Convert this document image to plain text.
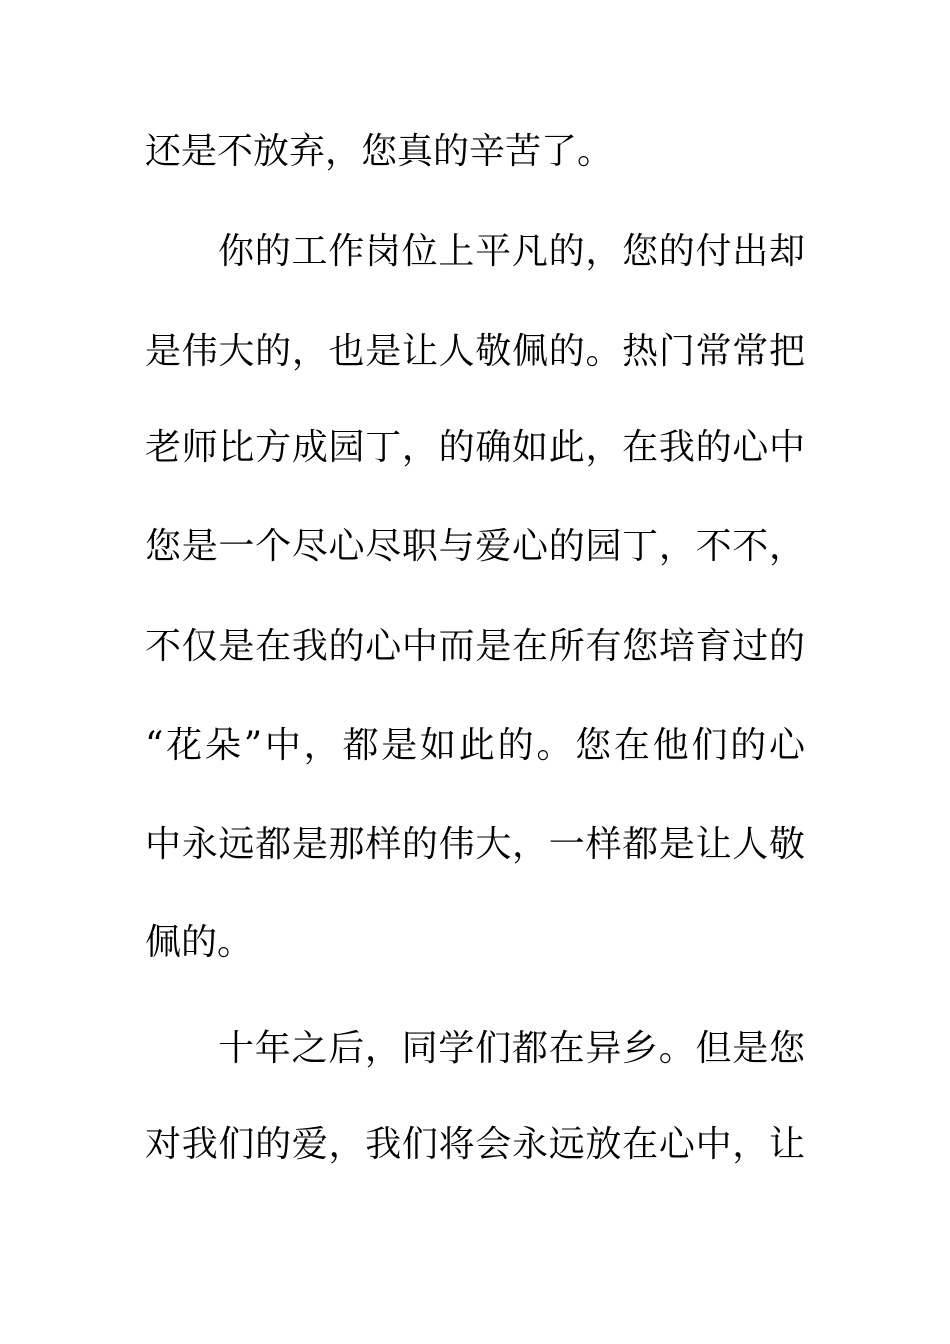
还是不放弃，您真的辛苦了。
你的工作岗位上平凡的，您的付出却
是伟大的，也是让人敬佩的。热门常常把
老师比方成园丁，的确如此，在我的心中
您是一个尽心尽职与爱心的园丁，不不，
不仅是在我的心中而是在所有您培育过的
“花朵”中，都是如此的。您在他们的心
中永远都是那样的伟大，一样都是让人敬
佩的。
十年之后，同学们都在异乡。但是您
对我们的爱，我们将会永远放在心中，让
